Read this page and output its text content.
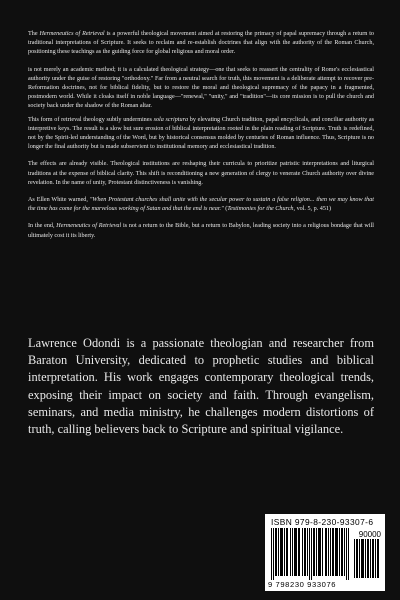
The Hermeneutics of Retrieval is a powerful theological movement aimed at restoring the primacy of papal supremacy through a return to traditional interpretations of Scripture. It seeks to reclaim and re-establish doctrines that align with the authority of the Roman Church, positioning these teachings as the guiding force for global religious and moral order.

is not merely an academic method; it is a calculated theological strategy—one that seeks to reassert the centrality of Rome's ecclesiastical authority under the guise of restoring "orthodoxy." Far from a neutral search for truth, this movement is a deliberate attempt to recover pre-Reformation doctrines, not for biblical fidelity, but to restore the moral and theological supremacy of the papacy in a fragmented, postmodern world. While it cloaks itself in noble language—"renewal," "unity," and "tradition"—its core mission is to pull the church and society back under the shadow of the Roman altar.

This form of retrieval theology subtly undermines sola scriptura by elevating Church tradition, papal encyclicals, and conciliar authority as interpretive keys. The result is a slow but sure erosion of biblical interpretation rooted in the plain reading of Scripture. Truth is redefined, not by the Spirit-led understanding of the Word, but by historical consensus molded by centuries of Roman influence. Thus, Scripture is no longer the final authority but is made subservient to institutional memory and ecclesiastical tradition.

The effects are already visible. Theological institutions are reshaping their curricula to prioritize patristic interpretations and liturgical traditions at the expense of biblical clarity. This shift is reconditioning a new generation of clergy to venerate Church authority over divine revelation. In the name of unity, Protestant distinctiveness is vanishing.

As Ellen White warned, "When Protestant churches shall unite with the secular power to sustain a false religion... then we may know that the time has come for the marvelous working of Satan and that the end is near." (Testimonies for the Church, vol. 5, p. 451)

In the end, Hermeneutics of Retrieval is not a return to the Bible, but a return to Babylon, leading society into a religious bondage that will ultimately cost it its liberty.

Lawrence Odondi is a passionate theologian and researcher from Baraton University, dedicated to prophetic studies and biblical interpretation. His work engages contemporary theological trends, exposing their impact on society and faith. Through evangelism, seminars, and media ministry, he challenges modern distortions of truth, calling believers back to Scripture and spiritual vigilance.

ISBN 979-8-230-93307-6
90000
9 798230 933076
